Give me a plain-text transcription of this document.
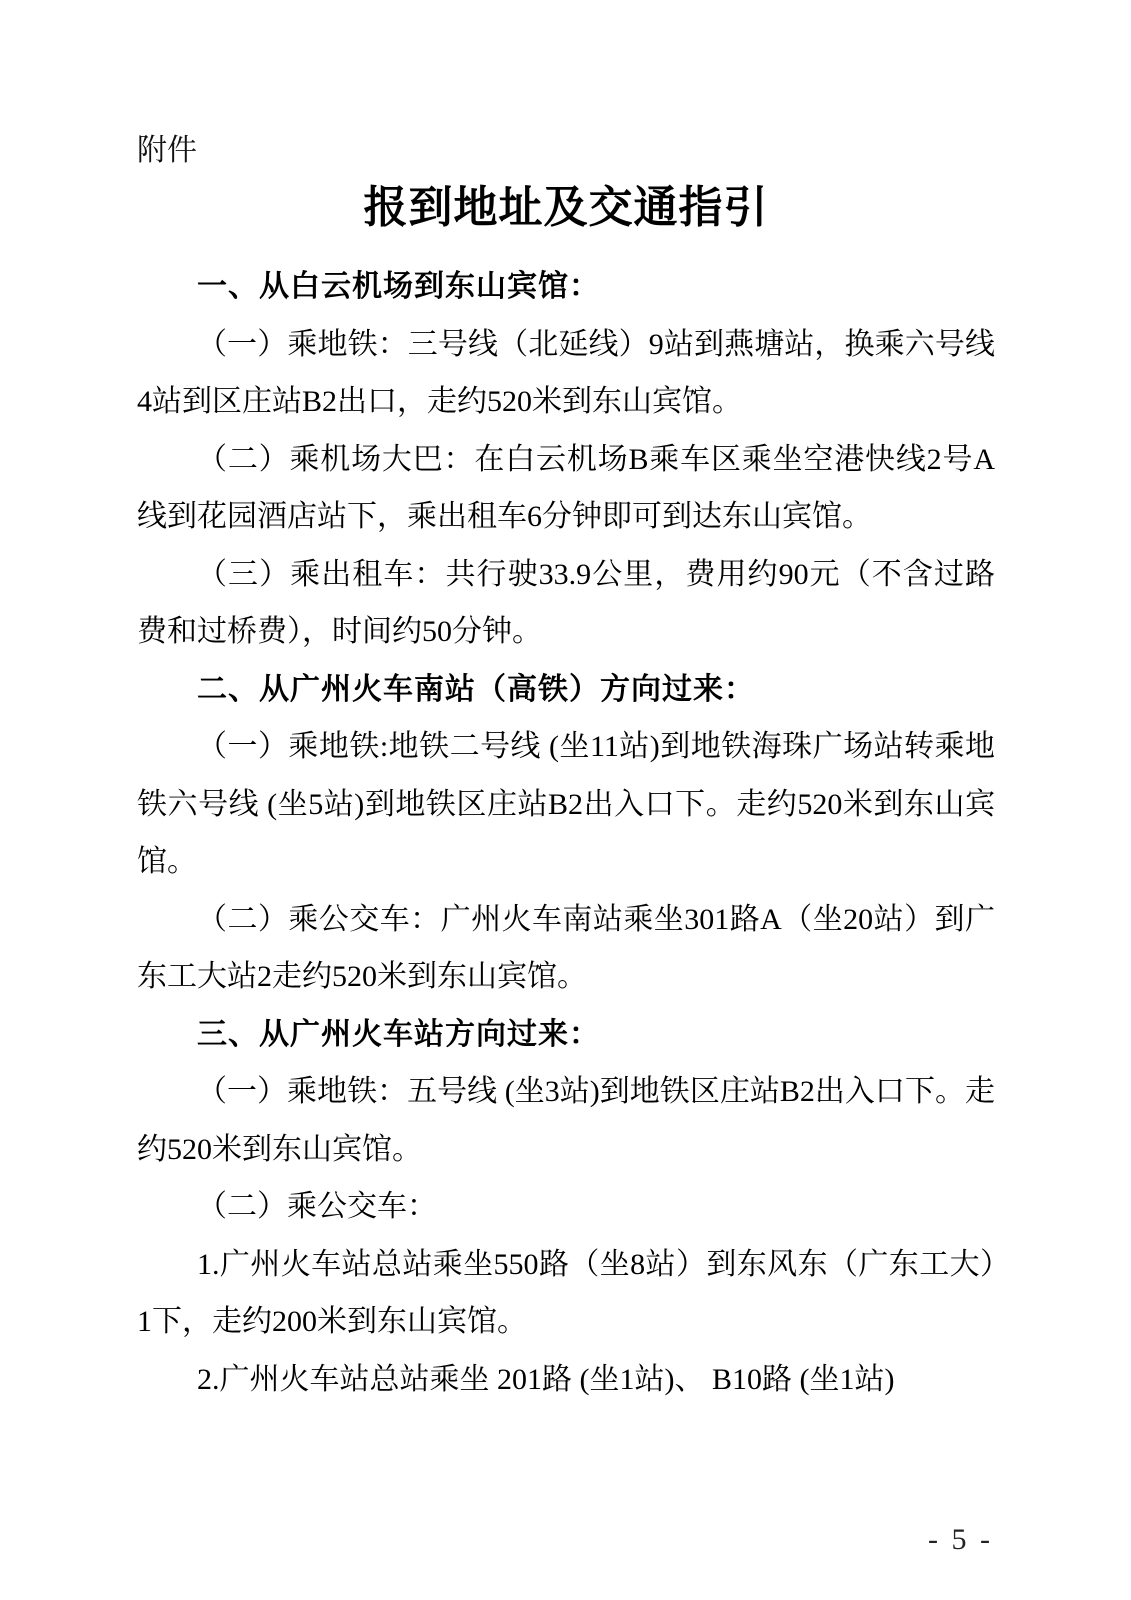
附件
报到地址及交通指引

一、从白云机场到东山宾馆：

（一）乘地铁：三号线（北延线）9站到燕塘站，换乘六号线4站到区庄站B2出口，走约520米到东山宾馆。

（二）乘机场大巴：在白云机场B乘车区乘坐空港快线2号A线到花园酒店站下，乘出租车6分钟即可到达东山宾馆。

（三）乘出租车：共行驶33.9公里，费用约90元（不含过路费和过桥费），时间约50分钟。

二、从广州火车南站（高铁）方向过来：

（一）乘地铁:地铁二号线 (坐11站)到地铁海珠广场站转乘地铁六号线 (坐5站)到地铁区庄站B2出入口下。走约520米到东山宾馆。

（二）乘公交车：广州火车南站乘坐301路A（坐20站）到广东工大站2走约520米到东山宾馆。

三、从广州火车站方向过来：

（一）乘地铁：五号线 (坐3站)到地铁区庄站B2出入口下。走约520米到东山宾馆。

（二）乘公交车：

1.广州火车站总站乘坐550路（坐8站）到东风东（广东工大）1下，走约200米到东山宾馆。

2.广州火车站总站乘坐 201路 (坐1站)、 B10路 (坐1站)

- 5 -
